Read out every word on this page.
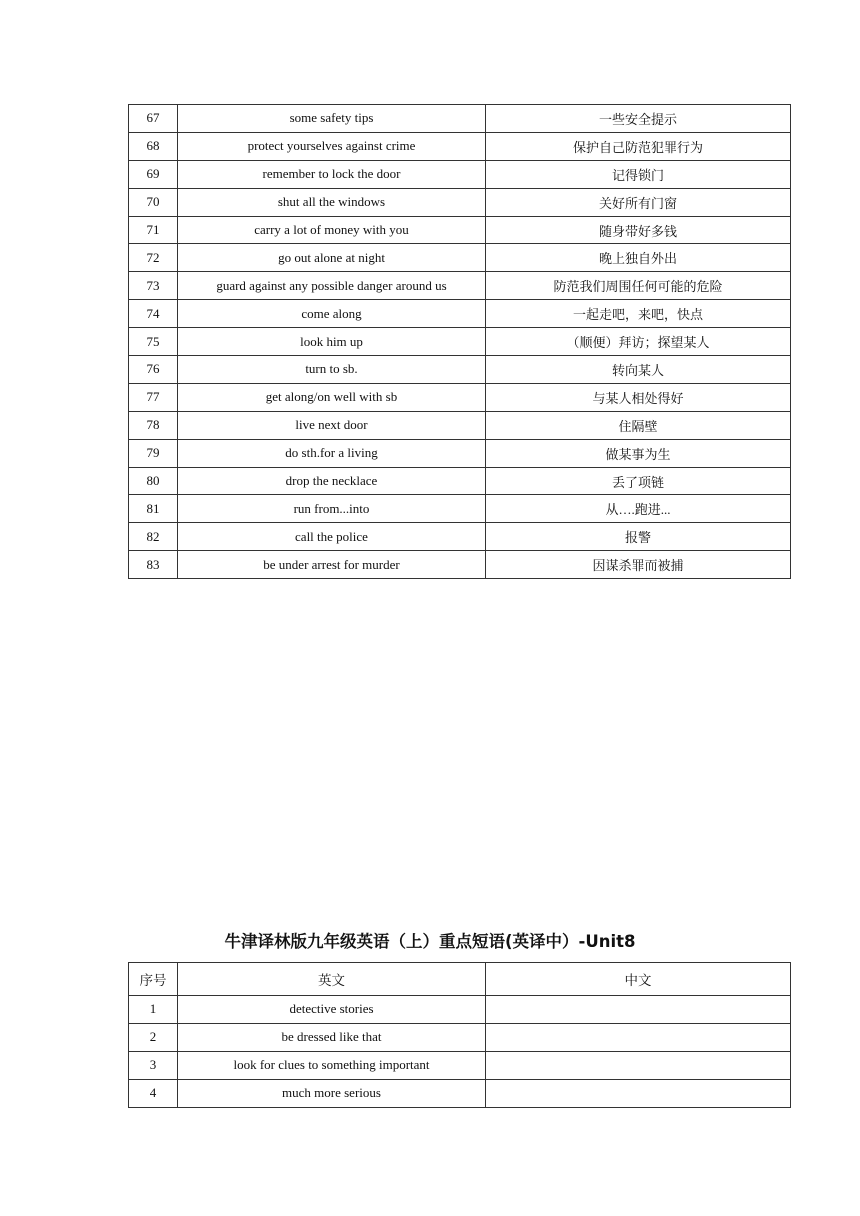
67	some safety tips	一些安全提示
68	protect yourselves against crime	保护自己防范犯罪行为
69	remember to lock the door	记得锁门
70	shut all the windows	关好所有门窗
71	carry a lot of money with you	随身带好多钱
72	go out alone at night	晚上独自外出
73	guard against any possible danger around us	防范我们周围任何可能的危险
74	come along	一起走吧，来吧，快点
75	look him up	（顺便）拜访；探望某人
76	turn to sb.	转向某人
77	get along/on well with sb	与某人相处得好
78	live next door	住隔壁
79	do sth.for a living	做某事为生
80	drop the necklace	丢了项链
81	run from...into	从….跑进...
82	call the police	报警
83	be under arrest for murder	因谋杀罪而被捕
牛津译林版九年级英语（上）重点短语(英译中）-Unit8
序号	英文	中文
1	detective stories	
2	be dressed like that	
3	look for clues to something important	
4	much more serious	
